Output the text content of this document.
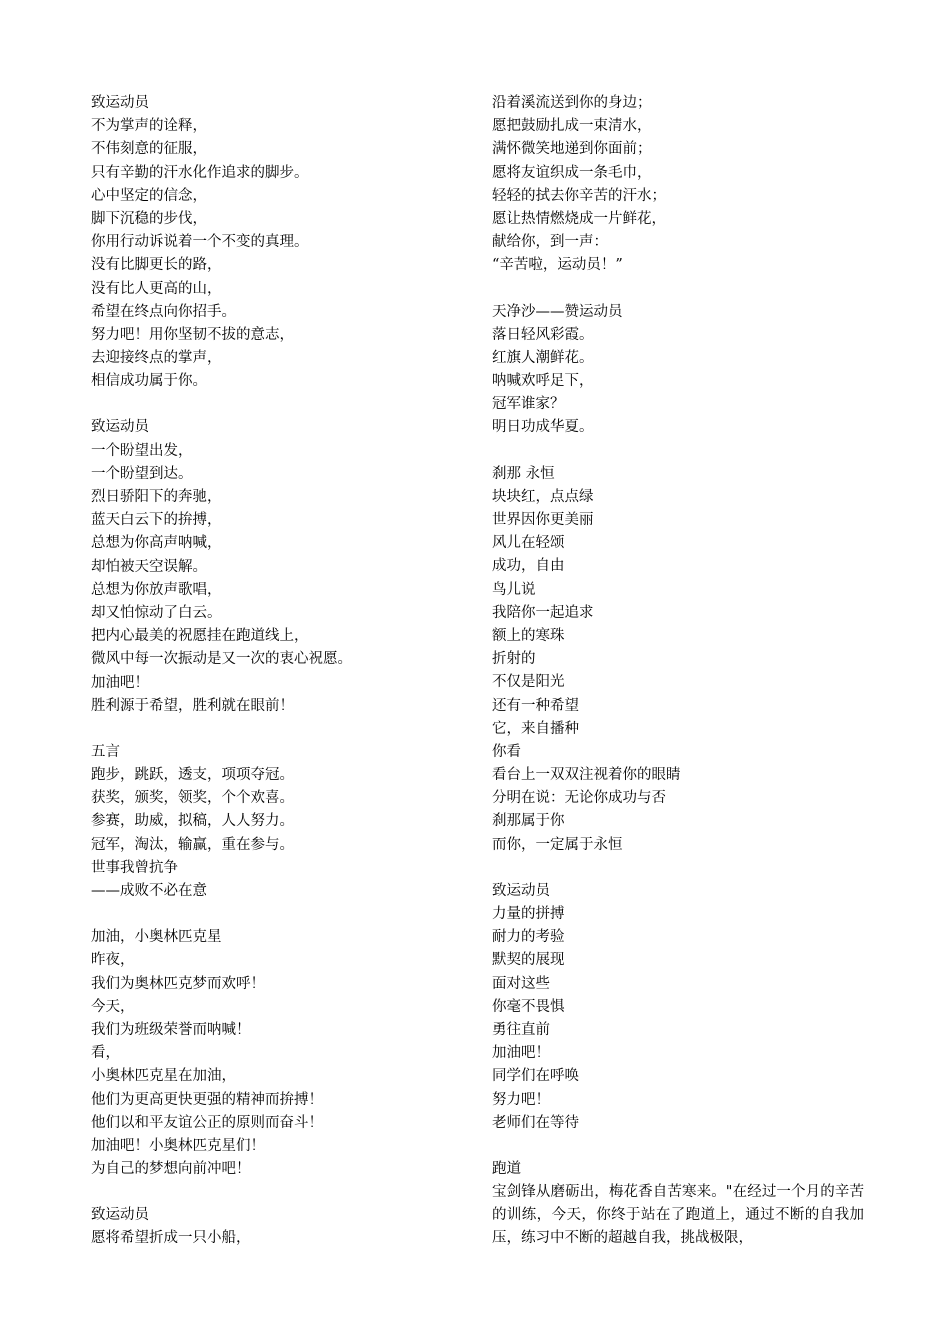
致运动员
不为掌声的诠释，
不伟刻意的征服，
只有辛勤的汗水化作追求的脚步。
心中坚定的信念，
脚下沉稳的步伐，
你用行动诉说着一个不变的真理。
没有比脚更长的路，
没有比人更高的山，
希望在终点向你招手。
努力吧！用你坚韧不拔的意志，
去迎接终点的掌声，
相信成功属于你。
致运动员
一个盼望出发，
一个盼望到达。
烈日骄阳下的奔驰，
蓝天白云下的拚搏，
总想为你高声呐喊，
却怕被天空误解。
总想为你放声歌唱，
却又怕惊动了白云。
把内心最美的祝愿挂在跑道线上，
微风中每一次振动是又一次的衷心祝愿。
加油吧！
胜利源于希望，胜利就在眼前！
五言
跑步，跳跃，透支，项项夺冠。
获奖，颁奖，领奖，个个欢喜。
参赛，助威，拟稿，人人努力。
冠军，淘汰，输赢，重在参与。
世事我曾抗争
——成败不必在意
加油，小奥林匹克星
昨夜，
我们为奥林匹克梦而欢呼！
今天，
我们为班级荣誉而呐喊！
看，
小奥林匹克星在加油，
他们为更高更快更强的精神而拚搏！
他们以和平友谊公正的原则而奋斗！
加油吧！小奥林匹克星们！
为自己的梦想向前冲吧！
致运动员
愿将希望折成一只小船，
沿着溪流送到你的身边；
愿把鼓励扎成一束清水，
满怀微笑地递到你面前；
愿将友谊织成一条毛巾，
轻轻的拭去你辛苦的汗水；
愿让热情燃烧成一片鲜花，
献给你，到一声：
“辛苦啦，运动员！”
天净沙——赞运动员
落日轻风彩霞。
红旗人潮鲜花。
呐喊欢呼足下，
冠军谁家？
明日功成华夏。
刹那 永恒
块块红，点点绿
世界因你更美丽
风儿在轻颂
成功，自由
鸟儿说
我陪你一起追求
额上的寒珠
折射的
不仅是阳光
还有一种希望
它，来自播种
你看
看台上一双双注视着你的眼睛
分明在说：无论你成功与否
刹那属于你
而你，一定属于永恒
致运动员
力量的拼搏
耐力的考验
默契的展现
面对这些
你毫不畏惧
勇往直前
加油吧！
同学们在呼唤
努力吧！
老师们在等待
跑道
宝剑锋从磨砺出，梅花香自苦寒来。"在经过一个月的辛苦的训练，今天，你终于站在了跑道上，通过不断的自我加压，练习中不断的超越自我，挑战极限，
